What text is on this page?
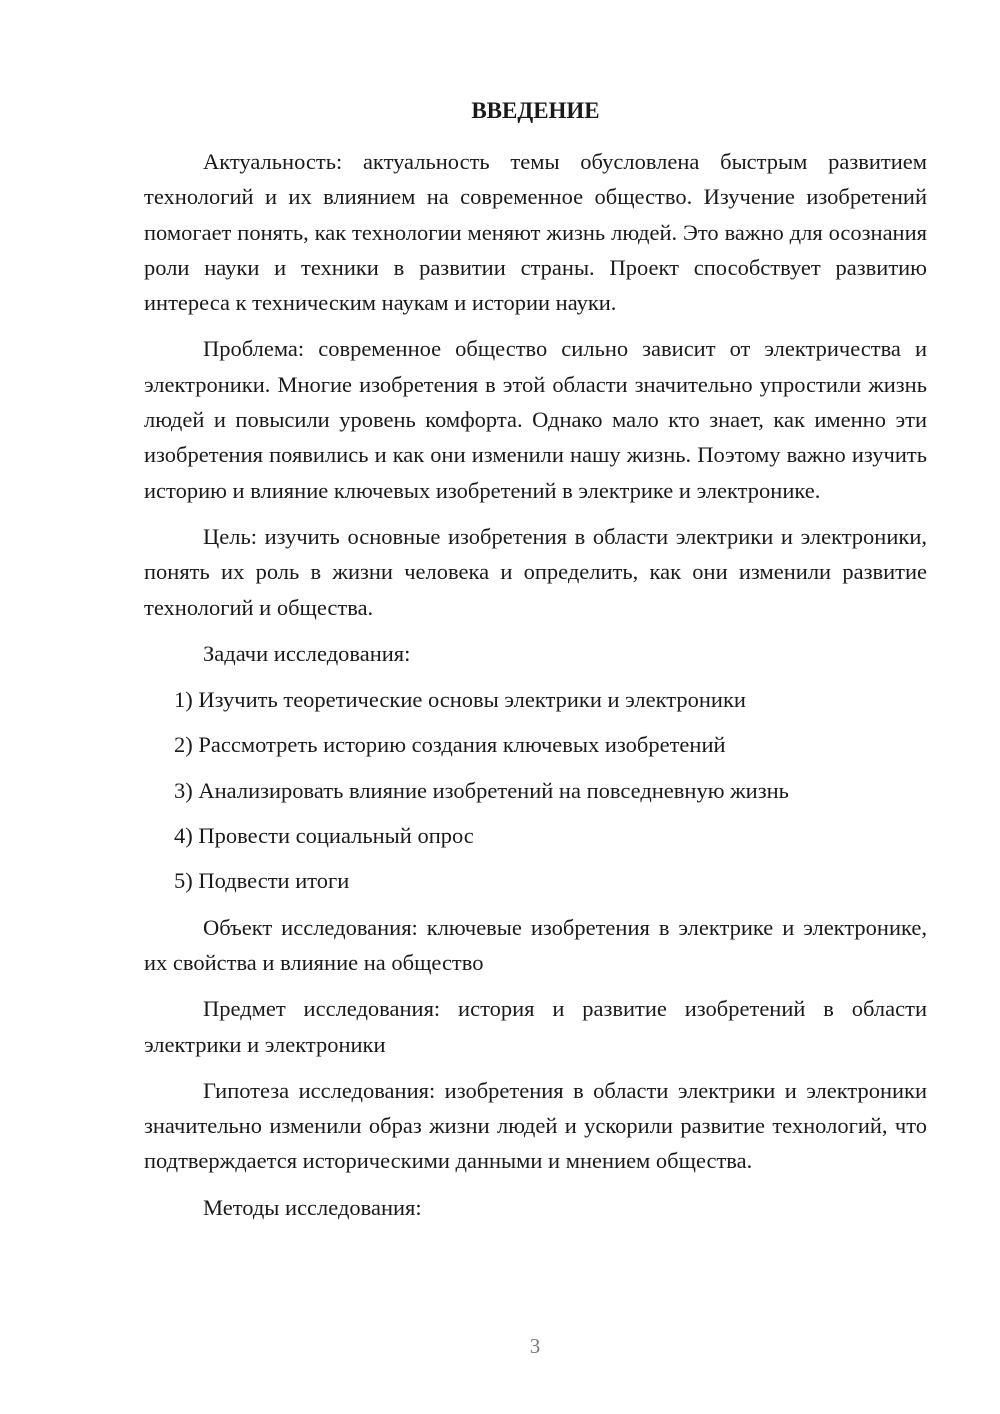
ВВЕДЕНИЕ

Актуальность: актуальность темы обусловлена быстрым развитием технологий и их влиянием на современное общество. Изучение изобретений помогает понять, как технологии меняют жизнь людей. Это важно для осознания роли науки и техники в развитии страны. Проект способствует развитию интереса к техническим наукам и истории науки.

Проблема: современное общество сильно зависит от электричества и электроники. Многие изобретения в этой области значительно упростили жизнь людей и повысили уровень комфорта. Однако мало кто знает, как именно эти изобретения появились и как они изменили нашу жизнь. Поэтому важно изучить историю и влияние ключевых изобретений в электрике и электронике.

Цель: изучить основные изобретения в области электрики и электроники, понять их роль в жизни человека и определить, как они изменили развитие технологий и общества.

Задачи исследования:

1) Изучить теоретические основы электрики и электроники
2) Рассмотреть историю создания ключевых изобретений
3) Анализировать влияние изобретений на повседневную жизнь
4) Провести социальный опрос
5) Подвести итоги

Объект исследования: ключевые изобретения в электрике и электронике, их свойства и влияние на общество

Предмет исследования: история и развитие изобретений в области электрики и электроники

Гипотеза исследования: изобретения в области электрики и электроники значительно изменили образ жизни людей и ускорили развитие технологий, что подтверждается историческими данными и мнением общества.

Методы исследования:

3
